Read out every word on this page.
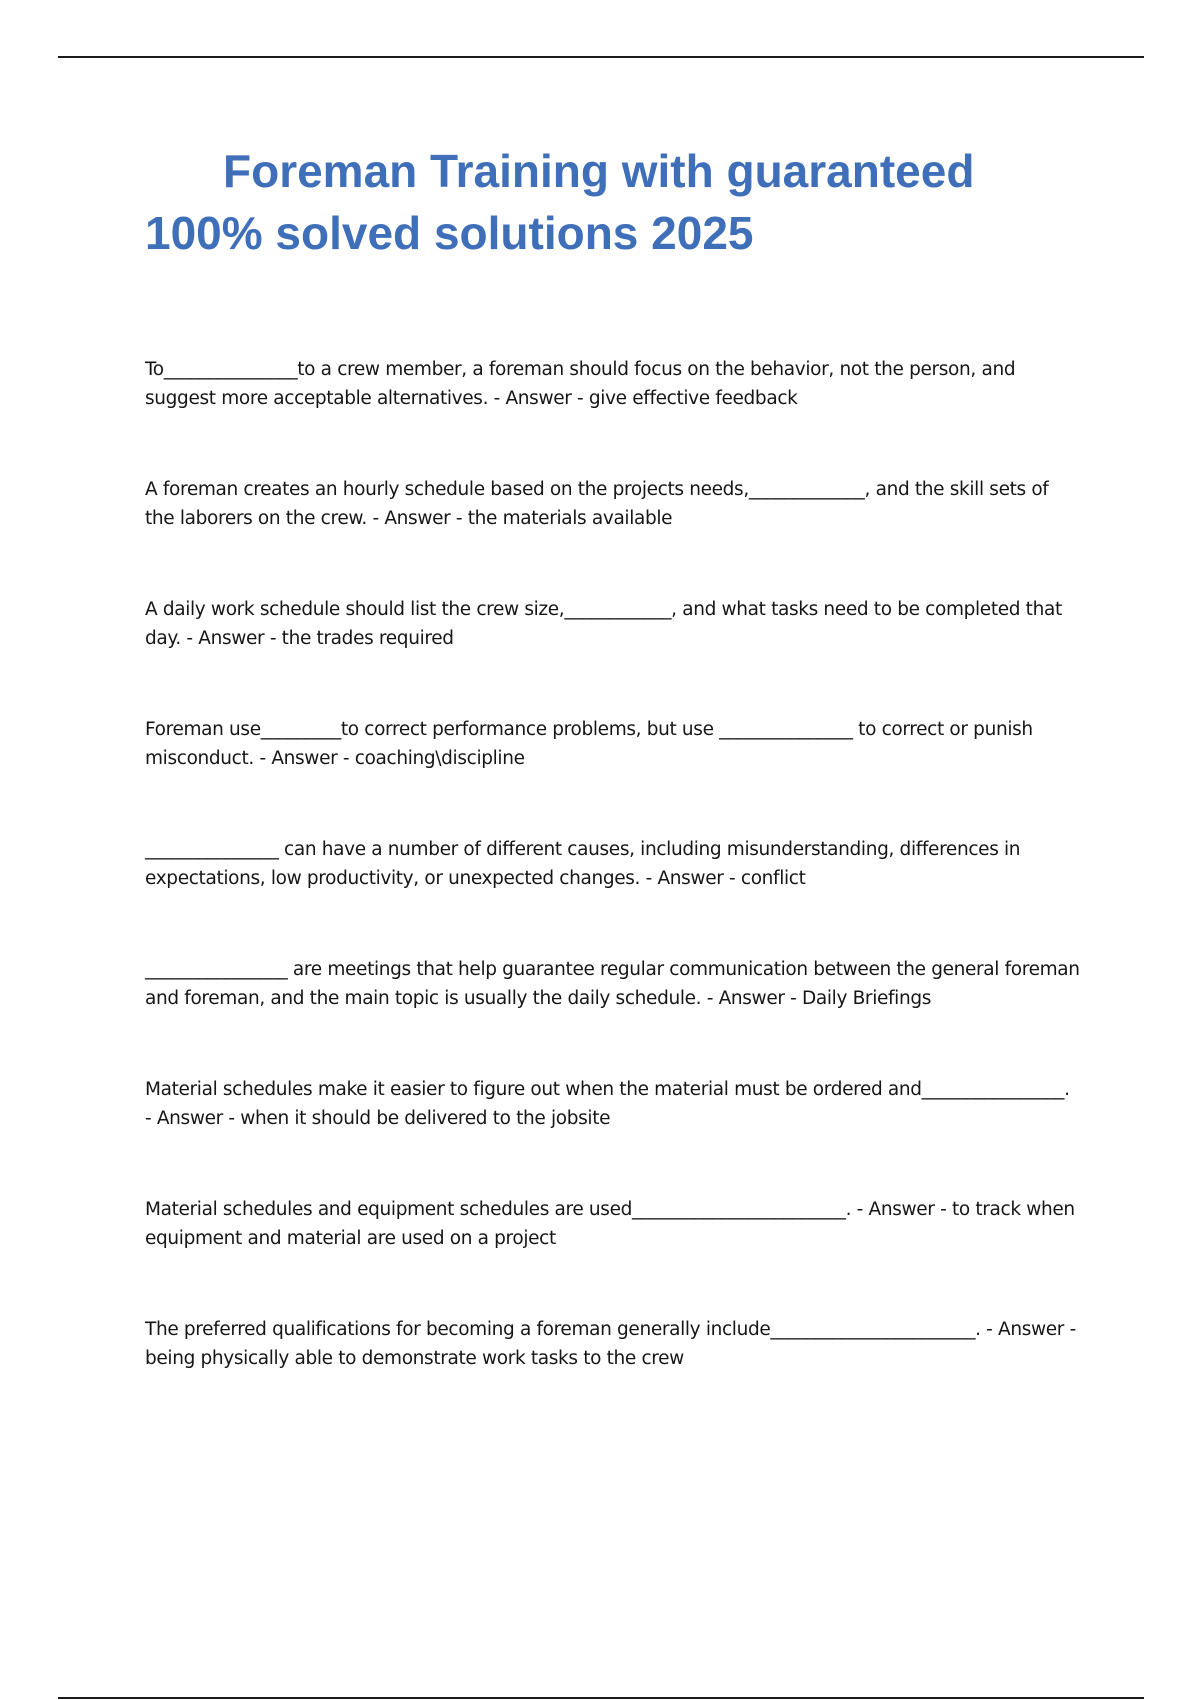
Foreman Training with guaranteed 100% solved solutions 2025

To_______________to a crew member, a foreman should focus on the behavior, not the person, and suggest more acceptable alternatives. - Answer - give effective feedback

A foreman creates an hourly schedule based on the projects needs,_____________, and the skill sets of the laborers on the crew. - Answer - the materials available

A daily work schedule should list the crew size,____________, and what tasks need to be completed that day. - Answer - the trades required

Foreman use_________to correct performance problems, but use _______________ to correct or punish misconduct. - Answer - coaching\discipline

_______________ can have a number of different causes, including misunderstanding, differences in expectations, low productivity, or unexpected changes. - Answer - conflict

________________ are meetings that help guarantee regular communication between the general foreman and foreman, and the main topic is usually the daily schedule. - Answer - Daily Briefings

Material schedules make it easier to figure out when the material must be ordered and________________. - Answer - when it should be delivered to the jobsite

Material schedules and equipment schedules are used________________________. - Answer - to track when equipment and material are used on a project

The preferred qualifications for becoming a foreman generally include_______________________. - Answer - being physically able to demonstrate work tasks to the crew
